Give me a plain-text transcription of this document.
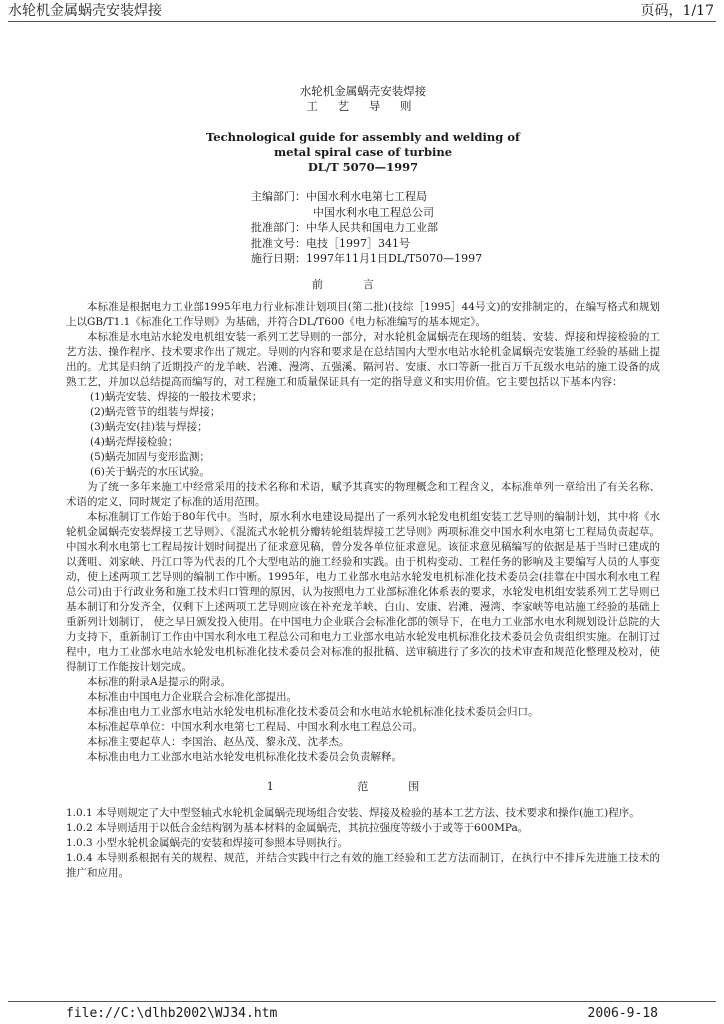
水轮机金属蜗壳安装焊接	页码，1/17
水轮机金属蜗壳安装焊接
工 艺 导 则
Technological guide for assembly and welding of
metal spiral case of turbine
DL/T 5070—1997
主编部门：中国水利水电第七工程局
中国水利水电工程总公司
批准部门：中华人民共和国电力工业部
批准文号：电技［1997］341号
施行日期：1997年11月1日DL/T5070—1997
前言

本标准是根据电力工业部1995年电力行业标准计划项目(第二批)(技综［1995］44号文)的安排制定的，在编写格式和规划上以GB/T1.1《标准化工作导则》为基础，并符合DL/T600《电力标准编写的基本规定》。

本标准是水电站水轮发电机组安装一系列工艺导则的一部分，对水轮机金属蜗壳在现场的组装、安装、焊接和焊接检验的工艺方法、操作程序、技术要求作出了规定。导则的内容和要求是在总结国内大型水电站水轮机金属蜗壳安装施工经验的基础上提出的。尤其是归纳了近期投产的龙羊峡、岩滩、漫湾、五强溪、隔河岩、安康、水口等新一批百万千瓦级水电站的施工设备的成熟工艺，并加以总结提高而编写的，对工程施工和质量保证具有一定的指导意义和实用价值。它主要包括以下基本内容：

(1)蜗壳安装、焊接的一般技术要求；
(2)蜗壳管节的组装与焊接；
(3)蜗壳安(挂)装与焊接；
(4)蜗壳焊接检验；
(5)蜗壳加固与变形监测；
(6)关于蜗壳的水压试验。

为了统一多年来施工中经常采用的技术名称和术语，赋予其真实的物理概念和工程含义，本标准单列一章给出了有关名称、术语的定义，同时规定了标准的适用范围。

本标准制订工作始于80年代中。当时，原水利水电建设局提出了一系列水轮发电机组安装工艺导则的编制计划，其中将《水轮机金属蜗壳安装焊接工艺导则》、《混流式水轮机分瓣转轮组装焊接工艺导则》两项标准交中国水利水电第七工程局负责起草。中国水利水电第七工程局按计划时间提出了征求意见稿，曾分发各单位征求意见。该征求意见稿编写的依据是基于当时已建成的以龚咀、刘家峡、丹江口等为代表的几个大型电站的施工经验和实践。由于机构变动、工程任务的影响及主要编写人员的人事变动，使上述两项工艺导则的编制工作中断。1995年，电力工业部水电站水轮发电机标准化技术委员会(挂靠在中国水利水电工程总公司)由于行政业务和施工技术归口管理的原因，认为按照电力工业部标准化体系表的要求，水轮发电机组安装系列工艺导则已基本制订和分发齐全，仅剩下上述两项工艺导则应该在补充龙羊峡、白山、安康、岩滩、漫湾、李家峡等电站施工经验的基础上重新列计划制订， 使之早日颁发投入使用。在中国电力企业联合会标准化部的领导下，在电力工业部水电水利规划设计总院的大力支持下，重新制订工作由中国水利水电工程总公司和电力工业部水电站水轮发电机标准化技术委员会负责组织实施。在制订过程中，电力工业部水电站水轮发电机标准化技术委员会对标准的报批稿、送审稿进行了多次的技术审查和规范化整理及校对，使得制订工作能按计划完成。

本标准的附录A是提示的附录。

本标准由中国电力企业联合会标准化部提出。

本标准由电力工业部水电站水轮发电机标准化技术委员会和水电站水轮机标准化技术委员会归口。

本标准起草单位：中国水利水电第七工程局、中国水利水电工程总公司。

本标准主要起草人：李国治、赵丛茂、黎永茂、沈孝杰。

本标准由电力工业部水电站水轮发电机标准化技术委员会负责解释。

1 范围

1.0.1 本导则规定了大中型竖轴式水轮机金属蜗壳现场组合安装、焊接及检验的基本工艺方法、技术要求和操作(施工)程序。

1.0.2 本导则适用于以低合金结构钢为基本材料的金属蜗壳，其抗拉强度等级小于或等于600MPa。

1.0.3 小型水轮机金属蜗壳的安装和焊接可参照本导则执行。

1.0.4 本导则系根据有关的规程、规范，并结合实践中行之有效的施工经验和工艺方法而制订，在执行中不排斥先进施工技术的推广和应用。

file://C:\dlhb2002\WJ34.htm	2006-9-18
